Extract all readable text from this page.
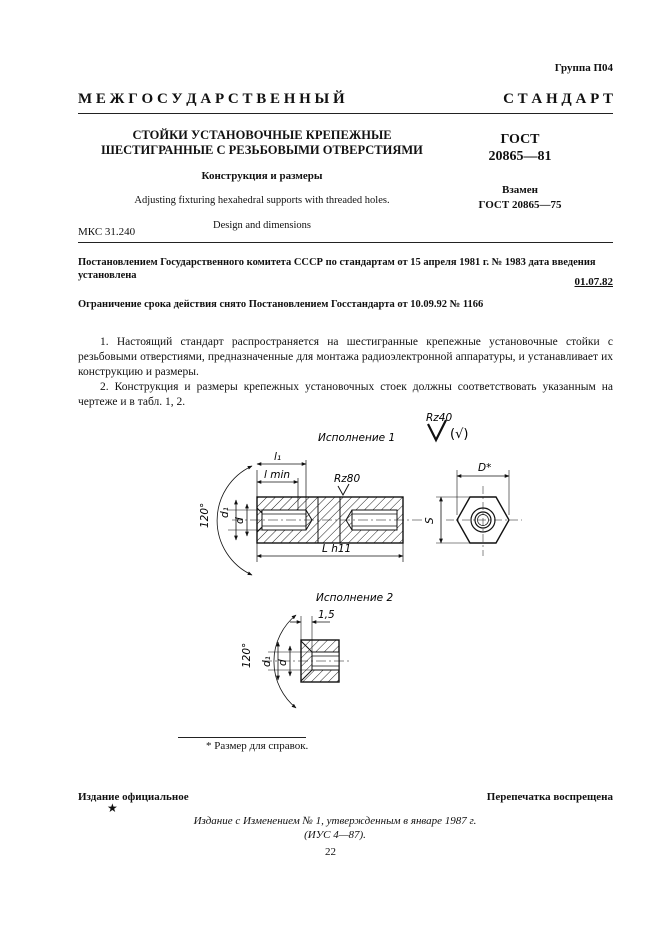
Группа П04
М Е Ж Г О С У Д А Р С Т В Е Н Н Ы Й	С Т А Н Д А Р Т
СТОЙКИ УСТАНОВОЧНЫЕ КРЕПЕЖНЫЕ
ШЕСТИГРАННЫЕ С РЕЗЬБОВЫМИ ОТВЕРСТИЯМИ
Конструкция и размеры
Adjusting fixturing hexahedral supports with threaded holes.
Design and dimensions
ГОСТ
20865—81
Взамен
ГОСТ 20865—75
МКС 31.240
Постановлением Государственного комитета СССР по стандартам от 15 апреля 1981 г. № 1983 дата введения установлена
01.07.82
Ограничение срока действия снято Постановлением Госстандарта от 10.09.92 № 1166

1. Настоящий стандарт распространяется на шестигранные крепежные установочные стойки с резьбовыми отверстиями, предназначенные для монтажа радиоэлектронной аппаратуры, и устанавливает их конструкцию и размеры.

2. Конструкция и размеры крепежных установочных стоек должны соответствовать указанным на чертеже и в табл. 1, 2.

Rz40
(√)
Исполнение 1
l₁
l min	Rz80
L h11
d₁
d
120°
D*
S
Исполнение 2
1,5
d₁ d
120°
* Размер для справок.
Издание официальное	Перепечатка воспрещена
★
Издание с Изменением № 1, утвержденным в январе 1987 г.
(ИУС 4—87).
22
